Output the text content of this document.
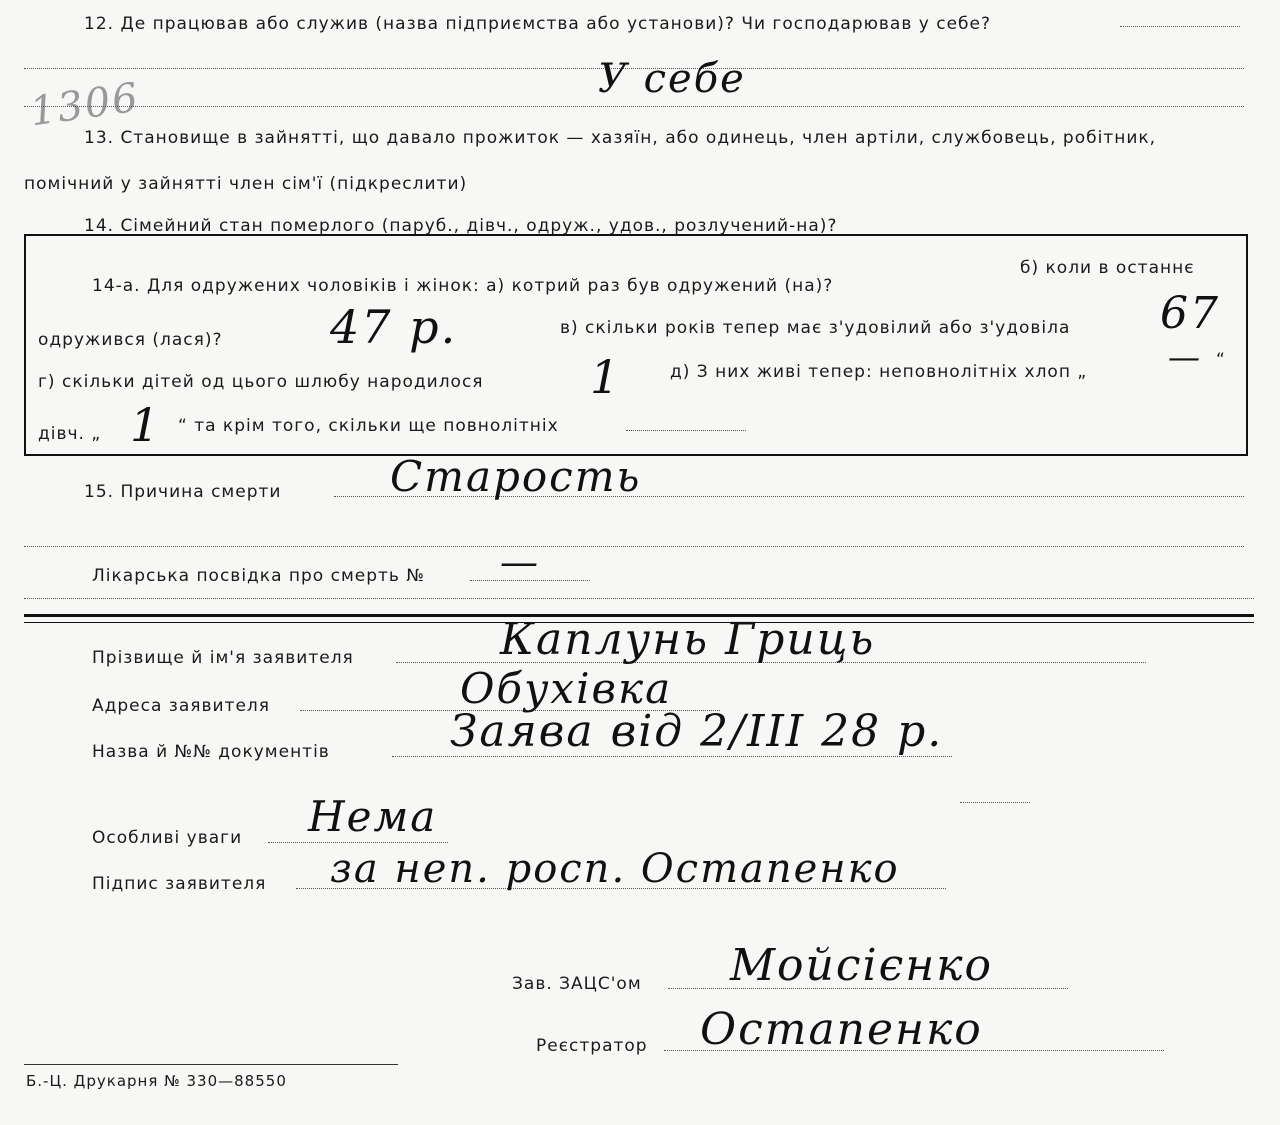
12. Де працював або служив (назва підприємства або установи)? Чи господарював у себе?
У себе
1306
13. Становище в зайнятті, що давало прожиток — хазяїн, або одинець, член артіли, службовець, робітник,
помічний у зайнятті член сім'ї (підкреслити)
14. Сімейний стан померлого (паруб., дівч., одруж., удов., розлучений-на)?
14-а. Для одружених чоловіків і жінок: а) котрий раз був одружений (на)?
б) коли в останнє
одружився (лася)? 47 р.	в) скільки років тепер має з'удовілий або з'удовіла 67
г) скільки дітей од цього шлюбу народилося 1	д) З них живі тепер: неповнолітніх хлоп „	— “
дівч. „ 1 “ та крім того, скільки ще повнолітніх
15. Причина смерти	Старость
Лікарська посвідка про смерть № —
Прізвище й ім'я заявителя	Каплунь Гриць
Адреса заявителя	Обухівка
Назва й №№ документів	Заява від 2/III 28 р.
Особливі уваги Нема
Підпис заявителя за неп. росп. Остапенко
Зав. ЗАЦС'ом Мойсієнко
Реєстратор Остапенко
Б.-Ц. Друкарня № 330—88550
